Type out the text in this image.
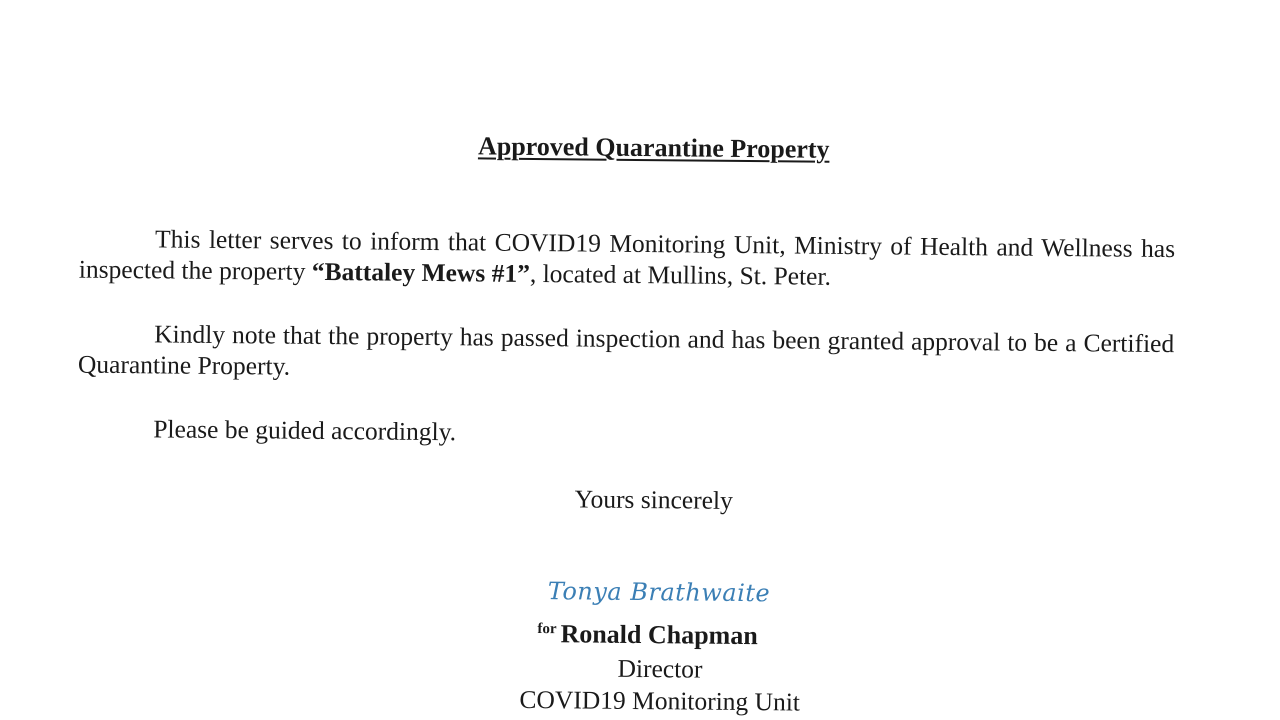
Approved Quarantine Property

This letter serves to inform that COVID19 Monitoring Unit, Ministry of Health and Wellness has inspected the property “Battaley Mews #1”, located at Mullins, St. Peter.

Kindly note that the property has passed inspection and has been granted approval to be a Certified Quarantine Property.

Please be guided accordingly.

Yours sincerely

Tonya Brathwaite

for Ronald Chapman

Director

COVID19 Monitoring Unit
